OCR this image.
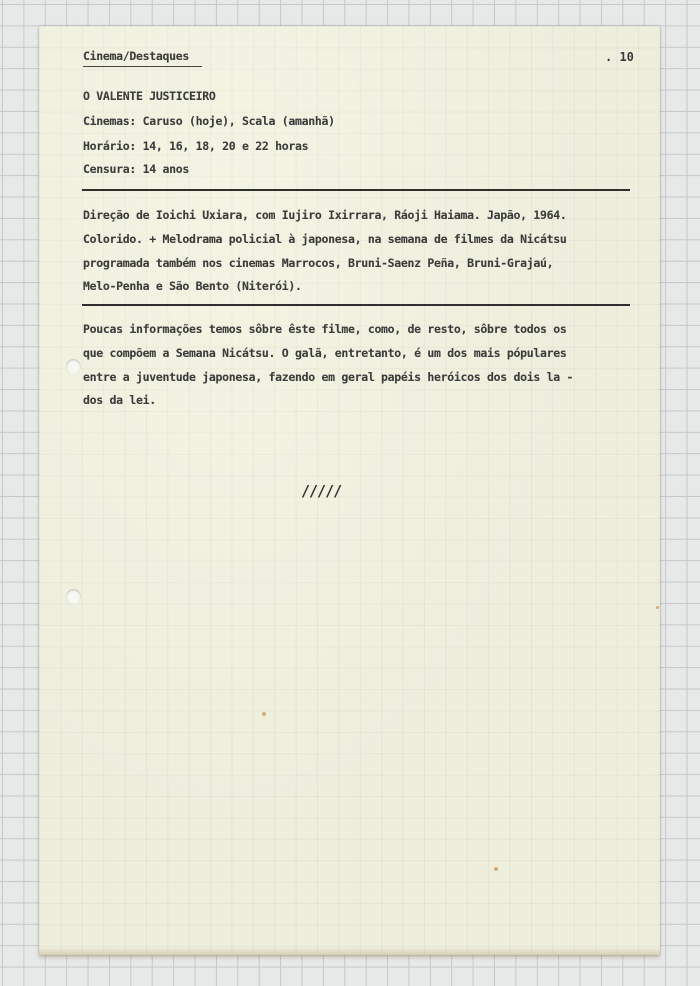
Cinema/Destaques	. 10
O VALENTE JUSTICEIRO
Cinemas: Caruso (hoje), Scala (amanhã)
Horário: 14, 16, 18, 20 e 22 horas
Censura: 14 anos
Direção de Ioichi Uxiara, com Iujiro Ixirrara, Ráoji Haiama. Japão, 1964.
Colorido. + Melodrama policial à japonesa, na semana de filmes da Nicátsu
programada também nos cinemas Marrocos, Bruni-Saenz Peña, Bruni-Grajaú,
Melo-Penha e São Bento (Niterói).
Poucas informações temos sôbre êste filme, como, de resto, sôbre todos os
que compõem a Semana Nicátsu. O galã, entretanto, é um dos mais pópulares
entre a juventude japonesa, fazendo em geral papéis heróicos dos dois la -
dos da lei.
/////
